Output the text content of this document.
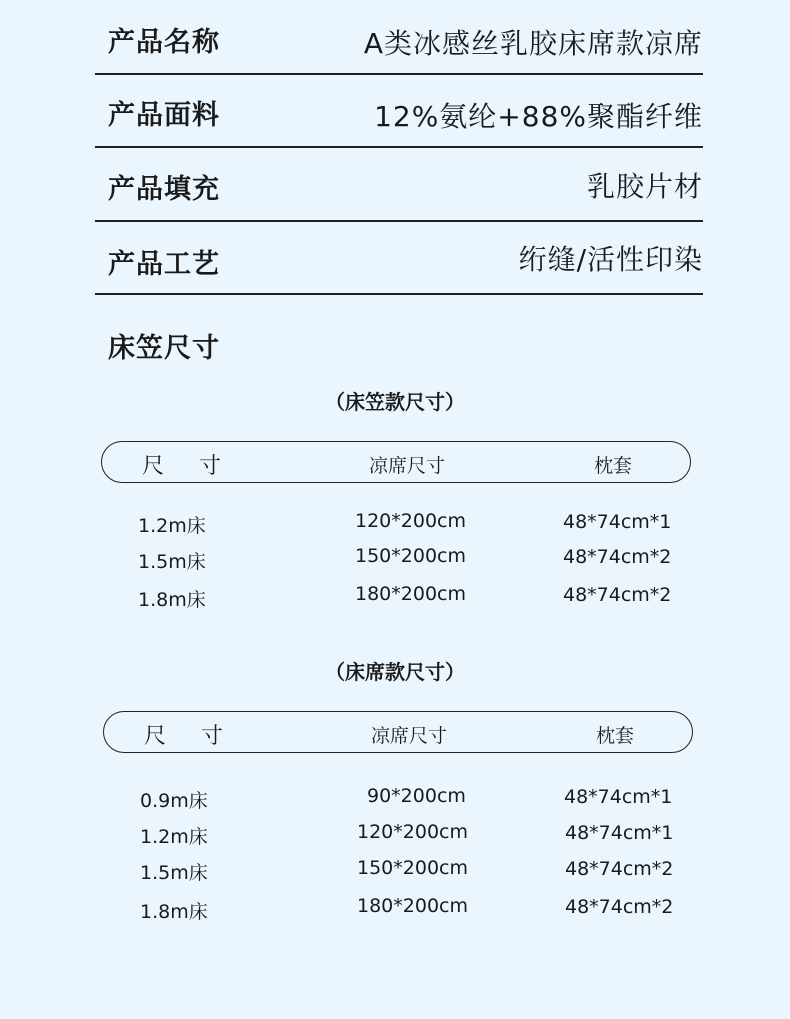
产品名称	A类冰感丝乳胶床席款凉席
产品面料	12%氨纶+88%聚酯纤维
产品填充	乳胶片材
产品工艺	绗缝/活性印染
床笠尺寸
（床笠款尺寸）
尺 寸	凉席尺寸	枕套
1.2m床	120*200cm	48*74cm*1
1.5m床	150*200cm	48*74cm*2
1.8m床	180*200cm	48*74cm*2
（床席款尺寸）
尺 寸	凉席尺寸	枕套
0.9m床	90*200cm	48*74cm*1
1.2m床	120*200cm	48*74cm*1
1.5m床	150*200cm	48*74cm*2
1.8m床	180*200cm	48*74cm*2
